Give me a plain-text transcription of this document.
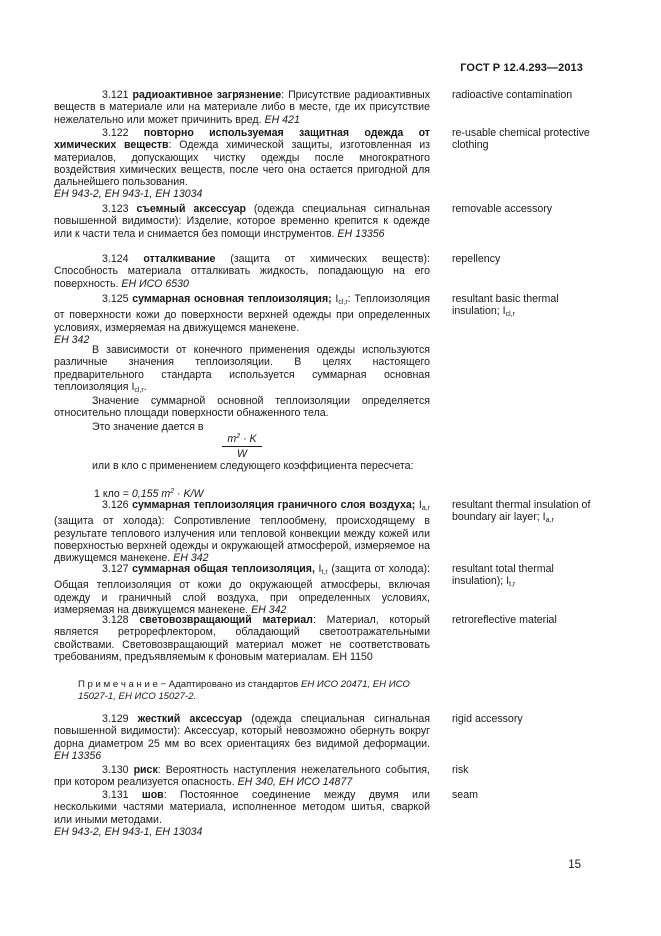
ГОСТ Р 12.4.293—2013
3.121 радиоактивное загрязнение: Присутствие радиоактивных веществ в материале или на материале либо в месте, где их присутствие нежелательно или может причинить вред. ЕН 421
radioactive contamination
3.122 повторно используемая защитная одежда от химических веществ: Одежда химической защиты, изготовленная из материалов, допускающих чистку одежды после многократного воздействия химических веществ, после чего она остается пригодной для дальнейшего пользования.
ЕН 943-2, ЕН 943-1, ЕН 13034
re-usable chemical protective clothing
3.123 съемный аксессуар (одежда специальная сигнальная повышенной видимости): Изделие, которое временно крепится к одежде или к части тела и снимается без помощи инструментов. ЕН 13356
removable accessory
3.124 отталкивание (защита от химических веществ): Способность материала отталкивать жидкость, попадающую на его поверхность. ЕН ИСО 6530
repellency
3.125 суммарная основная теплоизоляция; $I_{cl,r}$: Теплоизоляция от поверхности кожи до поверхности верхней одежды при определенных условиях, измеряемая на движущемся манекене.
ЕН 342
resultant basic thermal insulation; $I_{cl,r}$
В зависимости от конечного применения одежды используются различные значения теплоизоляции. В целях настоящего предварительного стандарта используется суммарная основная теплоизоляция $I_{cl,r}$.
Значение суммарной основной теплоизоляции определяется относительно площади поверхности обнаженного тела.
Это значение дается в
$m^2 \cdot K$
W
или в кло с применением следующего коэффициента пересчета:
1 кло = 0,155 $m^2 \cdot K/W$
3.126 суммарная теплоизоляция граничного слоя воздуха; $I_{a,r}$ (защита от холода): Сопротивление теплообмену, происходящему в результате теплового излучения или тепловой конвекции между кожей или поверхностью верхней одежды и окружающей атмосферой, измеряемое на движущемся манекене. ЕН 342
resultant thermal insulation of boundary air layer; $I_{a,r}$
3.127 суммарная общая теплоизоляция, $I_{t,r}$ (защита от холода): Общая теплоизоляция от кожи до окружающей атмосферы, включая одежду и граничный слой воздуха, при определенных условиях, измеряемая на движущемся манекене. ЕН 342
resultant total thermal insulation); $I_{t,r}$
3.128 световозвращающий материал: Материал, который является ретрорефлектором, обладающий светоотражательными свойствами. Световозвращающий материал может не соответствовать требованиям, предъявляемым к фоновым материалам. ЕН 1150
retroreflective material
П р и м е ч а н и е − Адаптировано из стандартов ЕН ИСО 20471, ЕН ИСО 15027-1, ЕН ИСО 15027-2.
3.129 жесткий аксессуар (одежда специальная сигнальная повышенной видимости): Аксессуар, который невозможно обернуть вокруг дорна диаметром 25 мм во всех ориентациях без видимой деформации. ЕН 13356
rigid accessory
3.130 риск: Вероятность наступления нежелательного события, при котором реализуется опасность. ЕН 340, ЕН ИСО 14877
risk
3.131 шов: Постоянное соединение между двумя или несколькими частями материала, исполненное методом шитья, сваркой или иными методами.
ЕН 943-2, ЕН 943-1, ЕН 13034
seam
15
